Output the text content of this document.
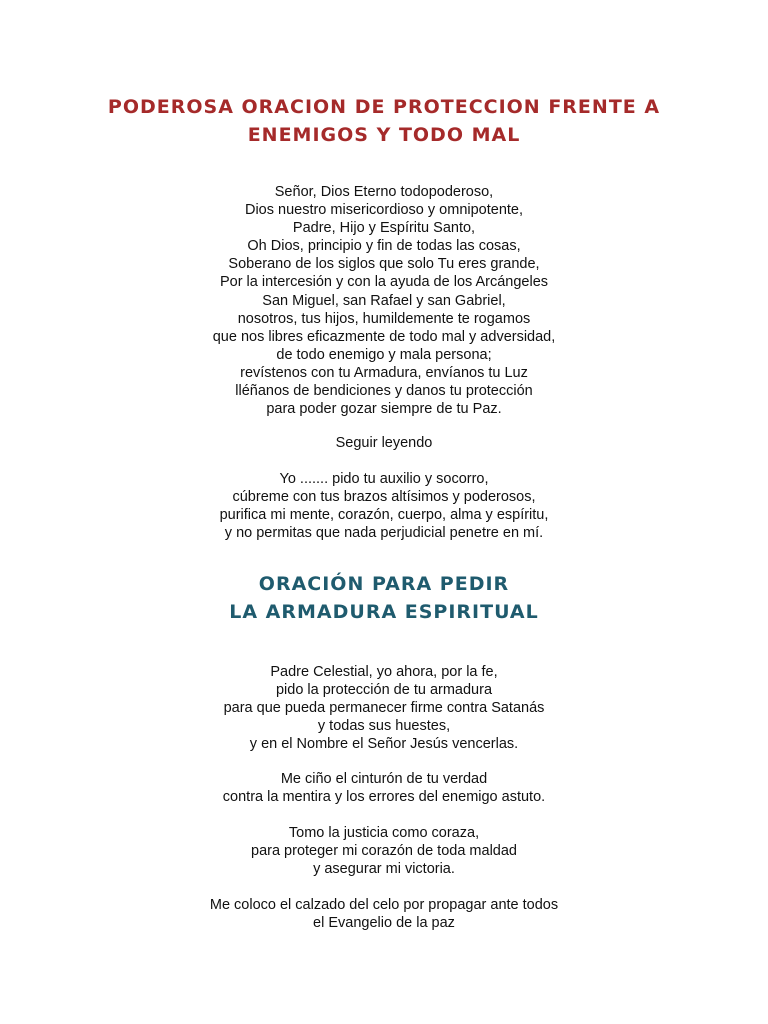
PODEROSA ORACION DE PROTECCION FRENTE A
ENEMIGOS Y TODO MAL
Señor, Dios Eterno todopoderoso,
Dios nuestro misericordioso y omnipotente,
Padre, Hijo y Espíritu Santo,
Oh Dios, principio y fin de todas las cosas,
Soberano de los siglos que solo Tu eres grande,
Por la intercesión y con la ayuda de los Arcángeles
San Miguel, san Rafael y san Gabriel,
nosotros, tus hijos, humildemente te rogamos
que nos libres eficazmente de todo mal y adversidad,
de todo enemigo y mala persona;
revístenos con tu Armadura, envíanos tu Luz
lléñanos de bendiciones y danos tu protección
para poder gozar siempre de tu Paz.
Seguir leyendo
Yo ....... pido tu auxilio y socorro,
cúbreme con tus brazos altísimos y poderosos,
purifica mi mente, corazón, cuerpo, alma y espíritu,
y no permitas que nada perjudicial penetre en mí.
ORACIÓN PARA PEDIR
LA ARMADURA ESPIRITUAL
Padre Celestial, yo ahora, por la fe,
pido la protección de tu armadura
para que pueda permanecer firme contra Satanás
y todas sus huestes,
y en el Nombre el Señor Jesús vencerlas.
Me ciño el cinturón de tu verdad
contra la mentira y los errores del enemigo astuto.
Tomo la justicia como coraza,
para proteger mi corazón de toda maldad
y asegurar mi victoria.
Me coloco el calzado del celo por propagar ante todos
el Evangelio de la paz
